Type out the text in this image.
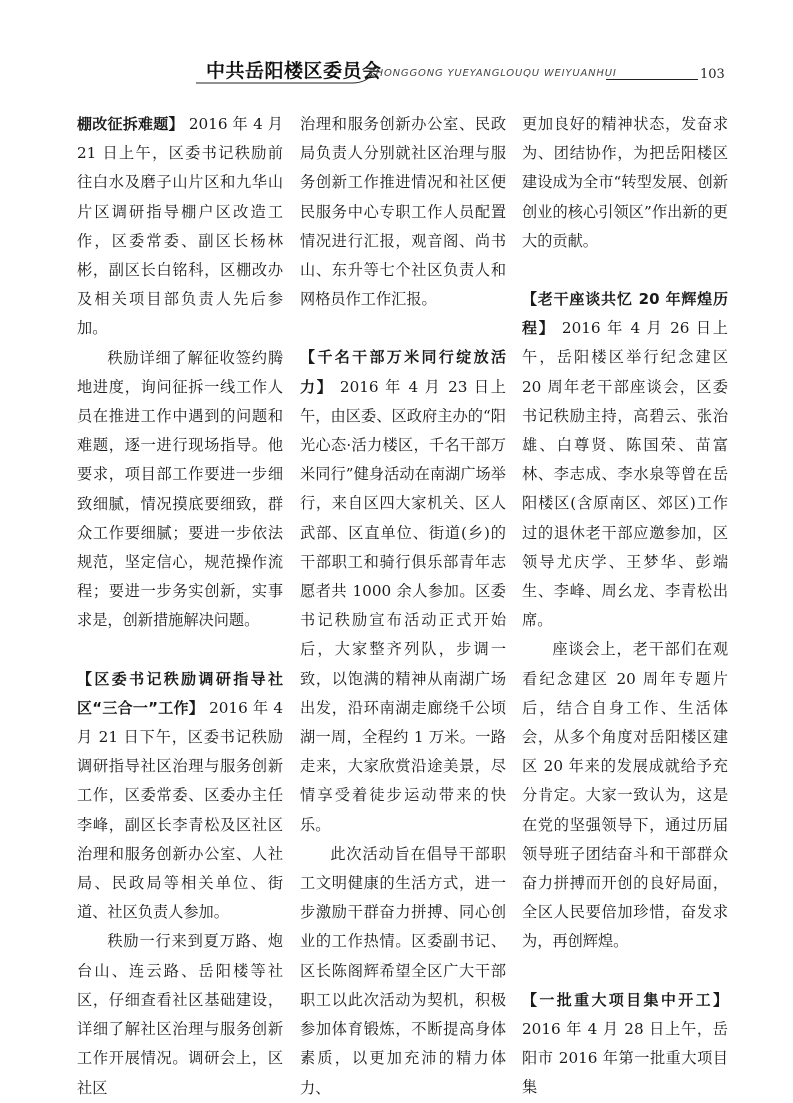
中共岳阳楼区委员会
ZHONGGONG YUEYANGLOUQU WEIYUANHUI	103

棚改征拆难题】 2016 年 4 月 21 日上午，区委书记秩励前往白水及磨子山片区和九华山片区调研指导棚户区改造工作，区委常委、副区长杨林彬，副区长白铭科，区棚改办及相关项目部负责人先后参加。

秩励详细了解征收签约腾地进度，询问征拆一线工作人员在推进工作中遇到的问题和难题，逐一进行现场指导。他要求，项目部工作要进一步细致细腻，情况摸底要细致，群众工作要细腻；要进一步依法规范，坚定信心，规范操作流程；要进一步务实创新，实事求是，创新措施解决问题。

【区委书记秩励调研指导社区“三合一”工作】 2016 年 4 月 21 日下午，区委书记秩励调研指导社区治理与服务创新工作，区委常委、区委办主任李峰，副区长李青松及区社区治理和服务创新办公室、人社局、民政局等相关单位、街道、社区负责人参加。

秩励一行来到夏万路、炮台山、连云路、岳阳楼等社区，仔细查看社区基础建设，详细了解社区治理与服务创新工作开展情况。调研会上，区社区

治理和服务创新办公室、民政局负责人分别就社区治理与服务创新工作推进情况和社区便民服务中心专职工作人员配置情况进行汇报，观音阁、尚书山、东升等七个社区负责人和网格员作工作汇报。

【千名干部万米同行绽放活力】 2016 年 4 月 23 日上午，由区委、区政府主办的“阳光心态·活力楼区，千名干部万米同行”健身活动在南湖广场举行，来自区四大家机关、区人武部、区直单位、街道(乡)的干部职工和骑行俱乐部青年志愿者共 1000 余人参加。区委书记秩励宣布活动正式开始后，大家整齐列队，步调一致，以饱满的精神从南湖广场出发，沿环南湖走廊绕千公顷湖一周，全程约 1 万米。一路走来，大家欣赏沿途美景，尽情享受着徒步运动带来的快乐。

此次活动旨在倡导干部职工文明健康的生活方式，进一步激励干群奋力拼搏、同心创业的工作热情。区委副书记、区长陈阁辉希望全区广大干部职工以此次活动为契机，积极参加体育锻炼，不断提高身体素质，以更加充沛的精力体力、

更加良好的精神状态，发奋求为、团结协作，为把岳阳楼区建设成为全市“转型发展、创新创业的核心引领区”作出新的更大的贡献。

【老干座谈共忆 20 年辉煌历程】 2016 年 4 月 26 日上午，岳阳楼区举行纪念建区 20 周年老干部座谈会，区委书记秩励主持，高碧云、张治雄、白尊贤、陈国荣、苗富林、李志成、李水泉等曾在岳阳楼区(含原南区、郊区)工作过的退休老干部应邀参加，区领导尤庆学、王梦华、彭端生、李峰、周幺龙、李青松出席。

座谈会上，老干部们在观看纪念建区 20 周年专题片后，结合自身工作、生活体会，从多个角度对岳阳楼区建区 20 年来的发展成就给予充分肯定。大家一致认为，这是在党的坚强领导下，通过历届领导班子团结奋斗和干部群众奋力拼搏而开创的良好局面，全区人民要倍加珍惜，奋发求为，再创辉煌。

【一批重大项目集中开工】2016 年 4 月 28 日上午，岳阳市 2016 年第一批重大项目集
